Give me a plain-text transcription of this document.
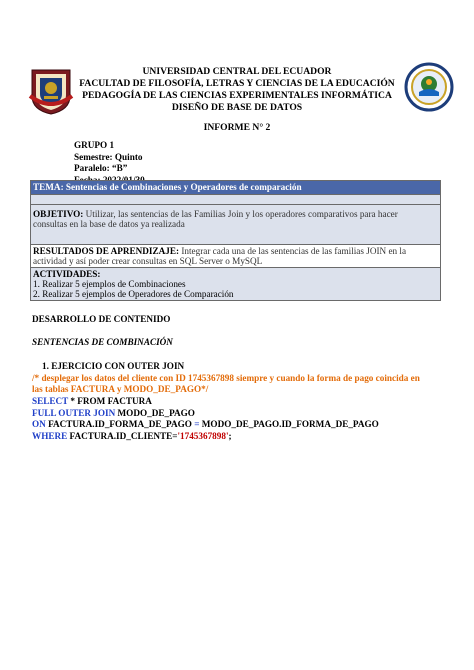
UNIVERSIDAD CENTRAL DEL ECUADOR
FACULTAD DE FILOSOFÍA, LETRAS Y CIENCIAS DE LA EDUCACIÓN
PEDAGOGÍA DE LAS CIENCIAS EXPERIMENTALES INFORMÁTICA
DISEÑO DE BASE DE DATOS
INFORME N° 2
GRUPO 1
Semestre: Quinto
Paralelo: “B”
Fecha: 2022/01/30
TEMA: Sentencias de Combinaciones y Operadores de comparación

OBJETIVO: Utilizar, las sentencias de las Familias Join y los operadores comparativos para hacer
consultas en la base de datos ya realizada
RESULTADOS DE APRENDIZAJE: Integrar cada una de las sentencias de las familias JOIN en la
actividad y así poder crear consultas en SQL Server o MySQL

ACTIVIDADES:
1. Realizar 5 ejemplos de Combinaciones
2. Realizar 5 ejemplos de Operadores de Comparación
DESARROLLO DE CONTENIDO
SENTENCIAS DE COMBINACIÓN
1. EJERCICIO CON OUTER JOIN
/* desplegar los datos del cliente con ID 1745367898 siempre y cuando la forma de pago coincida en
las tablas FACTURA y MODO_DE_PAGO*/
SELECT * FROM FACTURA
FULL OUTER JOIN MODO_DE_PAGO
ON FACTURA.ID_FORMA_DE_PAGO = MODO_DE_PAGO.ID_FORMA_DE_PAGO
WHERE FACTURA.ID_CLIENTE='1745367898';
